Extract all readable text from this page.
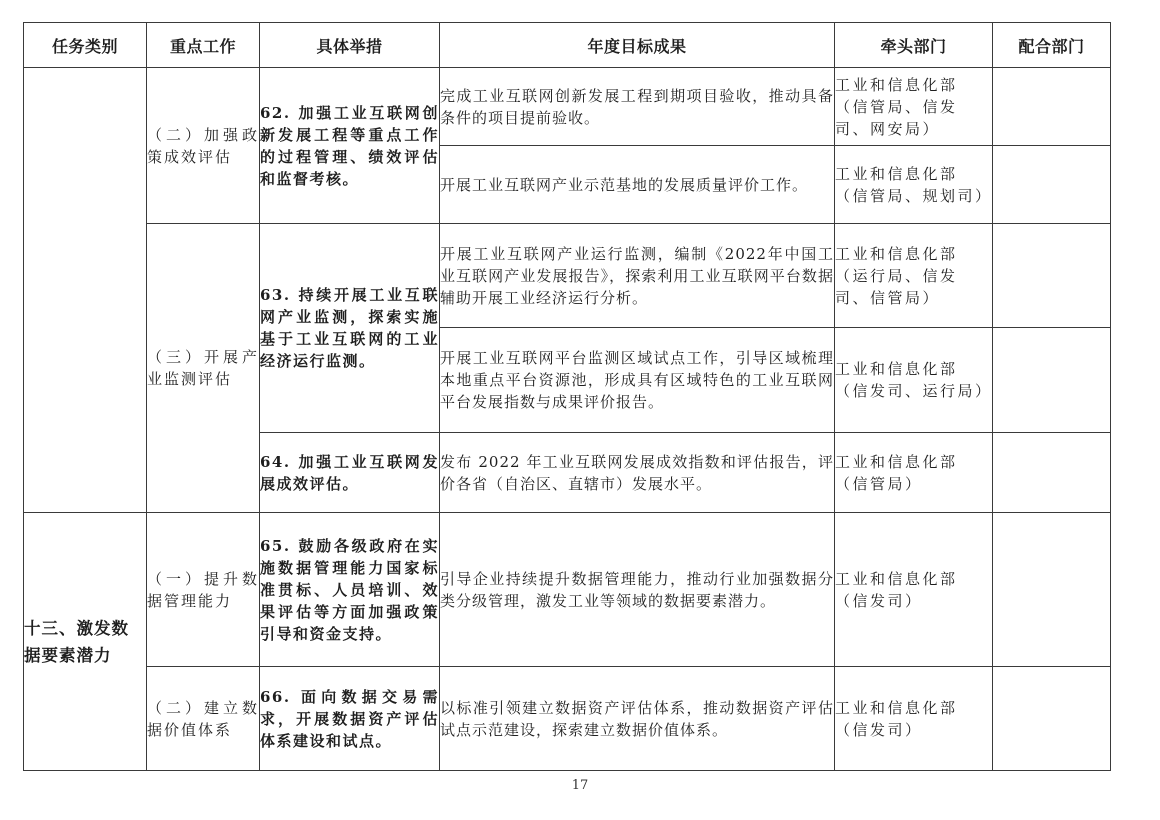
任务类别	重点工作	具体举措	年度目标成果	牵头部门	配合部门
	（二）加强政策成效评估	62. 加强工业互联网创新发展工程等重点工作的过程管理、绩效评估和监督考核。	完成工业互联网创新发展工程到期项目验收，推动具备条件的项目提前验收。	工业和信息化部（信管局、信发司、网安局）	
			开展工业互联网产业示范基地的发展质量评价工作。	工业和信息化部（信管局、规划司）	
	（三）开展产业监测评估	63. 持续开展工业互联网产业监测，探索实施基于工业互联网的工业经济运行监测。	开展工业互联网产业运行监测，编制《2022年中国工业互联网产业发展报告》，探索利用工业互联网平台数据辅助开展工业经济运行分析。	工业和信息化部（运行局、信发司、信管局）	
			开展工业互联网平台监测区域试点工作，引导区域梳理本地重点平台资源池，形成具有区域特色的工业互联网平台发展指数与成果评价报告。	工业和信息化部（信发司、运行局）	
		64. 加强工业互联网发展成效评估。	发布 2022 年工业互联网发展成效指数和评估报告，评价各省（自治区、直辖市）发展水平。	工业和信息化部（信管局）	
十三、激发数据要素潜力	（一）提升数据管理能力	65. 鼓励各级政府在实施数据管理能力国家标准贯标、人员培训、效果评估等方面加强政策引导和资金支持。	引导企业持续提升数据管理能力，推动行业加强数据分类分级管理，激发工业等领域的数据要素潜力。	工业和信息化部（信发司）	
	（二）建立数据价值体系	66. 面向数据交易需求，开展数据资产评估体系建设和试点。	以标准引领建立数据资产评估体系，推动数据资产评估试点示范建设，探索建立数据价值体系。	工业和信息化部（信发司）	
17
